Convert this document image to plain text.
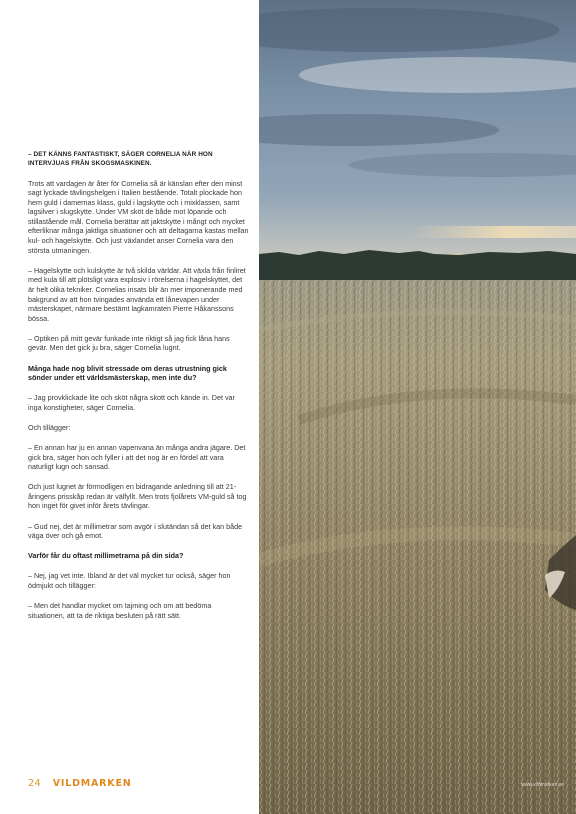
– DET KÄNNS FANTASTISKT, SÄGER CORNELIA NÄR HON INTERVJUAS FRÅN SKOGSMASKINEN.

Trots att vardagen är åter för Cornelia så är känslan efter den minst sagt lyckade tävlingshelgen i Italien bestående. Totalt plockade hon hem guld i damernas klass, guld i lagskytte och i mixklassen, samt lagsilver i slugskytte. Under VM sköt de både mot löpande och stillastående mål. Cornelia berättar att jaktskytte i mångt och mycket efterliknar många jaktliga situationer och att deltagarna kastas mellan kul- och hagelskytte. Och just växlandet anser Cornelia vara den största utmaningen.

– Hagelskytte och kulskytte är två skilda världar. Att växla från finliret med kula till att plötsligt vara explosiv i rörelserna i hagelskyttet, det är helt olika tekniker. Cornelias insats blir än mer imponerande med bakgrund av att hon tvingades använda ett lånevapen under mästerskapet, närmare bestämt lagkamraten Pierre Håkanssons bössa.

– Optiken på mitt gevär funkade inte riktigt så jag fick låna hans gevär. Men det gick ju bra, säger Cornelia lugnt.

Många hade nog blivit stressade om deras utrustning gick sönder under ett världsmästerskap, men inte du?

– Jag provklickade lite och sköt några skott och kände in. Det var inga konstigheter, säger Cornelia.

Och tillägger:

– En annan har ju en annan vapenvana än många andra jägare. Det gick bra, säger hon och fyller i att det nog är en fördel att vara naturligt lugn och sansad.

Och just lugnet är förmodligen en bidragande anledning till att 21-åringens prisskåp redan är välfyllt. Men trots fjolårets VM-guld så tog hon inget för givet inför årets tävlingar.

– Gud nej, det är millimetrar som avgör i slutändan så det kan både väga över och gå emot.

Varför får du oftast millimetrarna på din sida?

– Nej, jag vet inte. Ibland är det väl mycket tur också, säger hon ödmjukt och tillägger:

– Men det handlar mycket om tajming och om att bedöma situationen, att ta de riktiga besluten på rätt sätt.

24 VILDMARKEN	www.vildmarken.se
